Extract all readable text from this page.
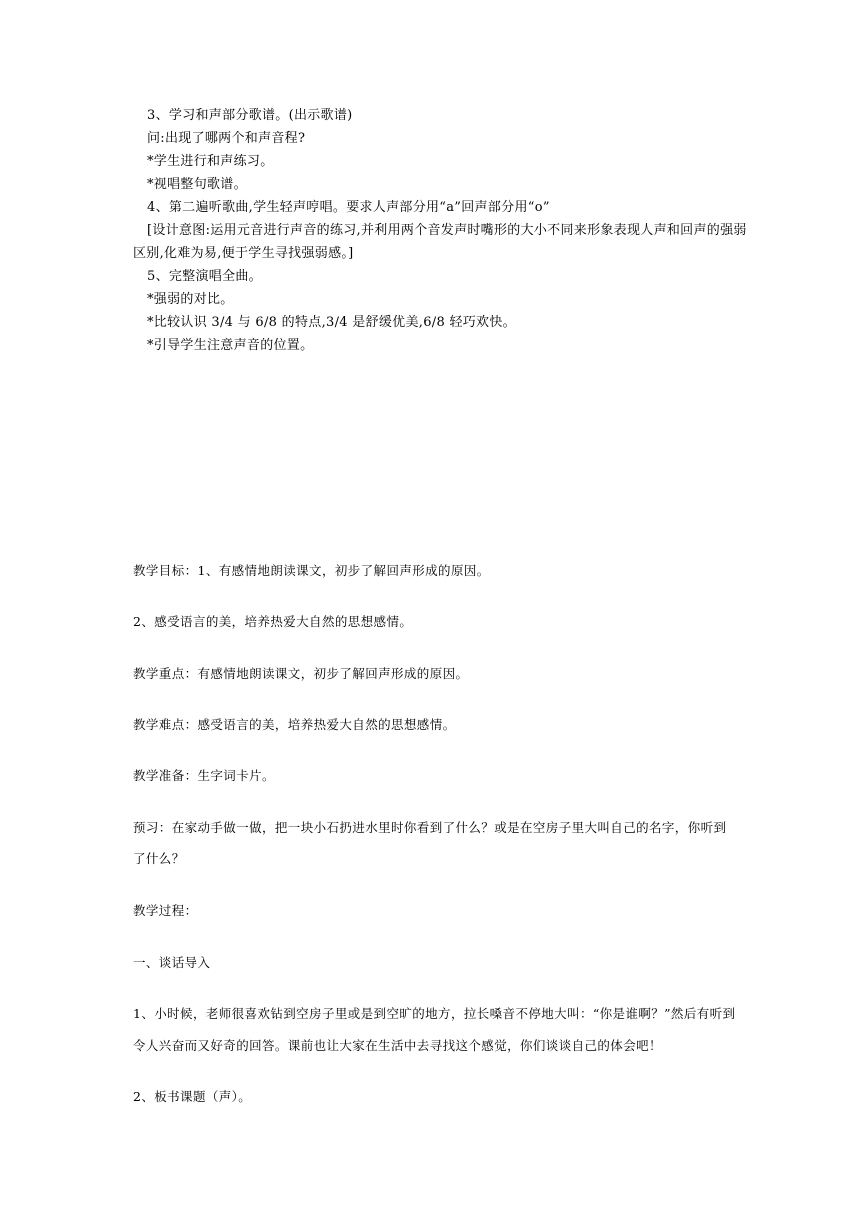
3、学习和声部分歌谱。(出示歌谱)
问:出现了哪两个和声音程?
*学生进行和声练习。
*视唱整句歌谱。
4、第二遍听歌曲,学生轻声哼唱。要求人声部分用“a”回声部分用“o”
[设计意图:运用元音进行声音的练习,并利用两个音发声时嘴形的大小不同来形象表现人声和回声的强弱
区别,化难为易,便于学生寻找强弱感。]
5、完整演唱全曲。
*强弱的对比。
*比较认识 3/4 与 6/8 的特点,3/4 是舒缓优美,6/8 轻巧欢快。
*引导学生注意声音的位置。
教学目标：1、有感情地朗读课文，初步了解回声形成的原因。
2、感受语言的美，培养热爱大自然的思想感情。
教学重点：有感情地朗读课文，初步了解回声形成的原因。
教学难点：感受语言的美，培养热爱大自然的思想感情。
教学准备：生字词卡片。
预习：在家动手做一做，把一块小石扔进水里时你看到了什么？或是在空房子里大叫自己的名字，你听到
了什么？
教学过程：
一、谈话导入
1、小时候，老师很喜欢钻到空房子里或是到空旷的地方，拉长嗓音不停地大叫：“你是谁啊？”然后有听到
令人兴奋而又好奇的回答。课前也让大家在生活中去寻找这个感觉，你们谈谈自己的体会吧！
2、板书课题（声）。
